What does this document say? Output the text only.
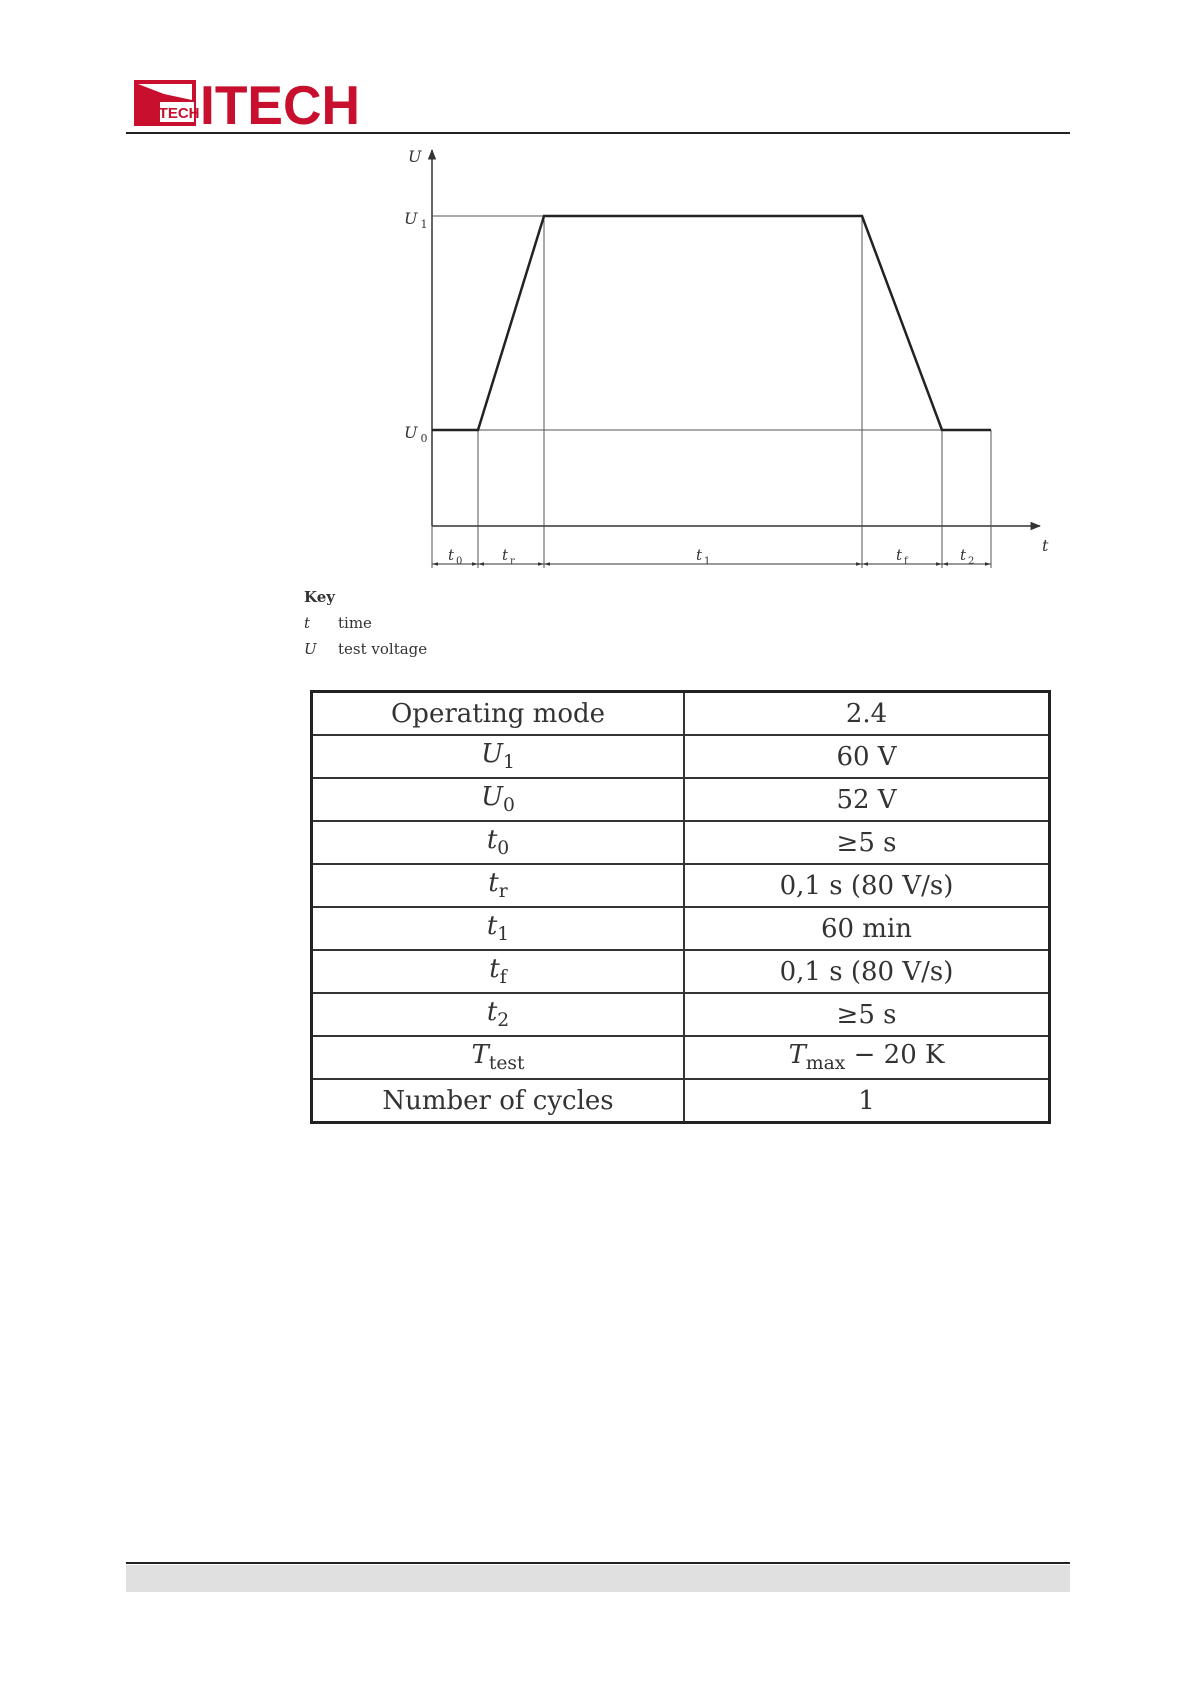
ITECH ITECH
U
t
U $_1$
U $_0$
t $_0$	t $_r$	t $_1$	t $_f$	t $_2$
Key
t	time
U	test voltage
Operating mode	2.4
$U_1$	60 V
$U_0$	52 V
$t_0$	≥5 s
$t_r$	0,1 s (80 V/s)
$t_1$	60 min
$t_f$	0,1 s (80 V/s)
$t_2$	≥5 s
$T_{test}$	$T_{max} - 20$ K
Number of cycles	1
